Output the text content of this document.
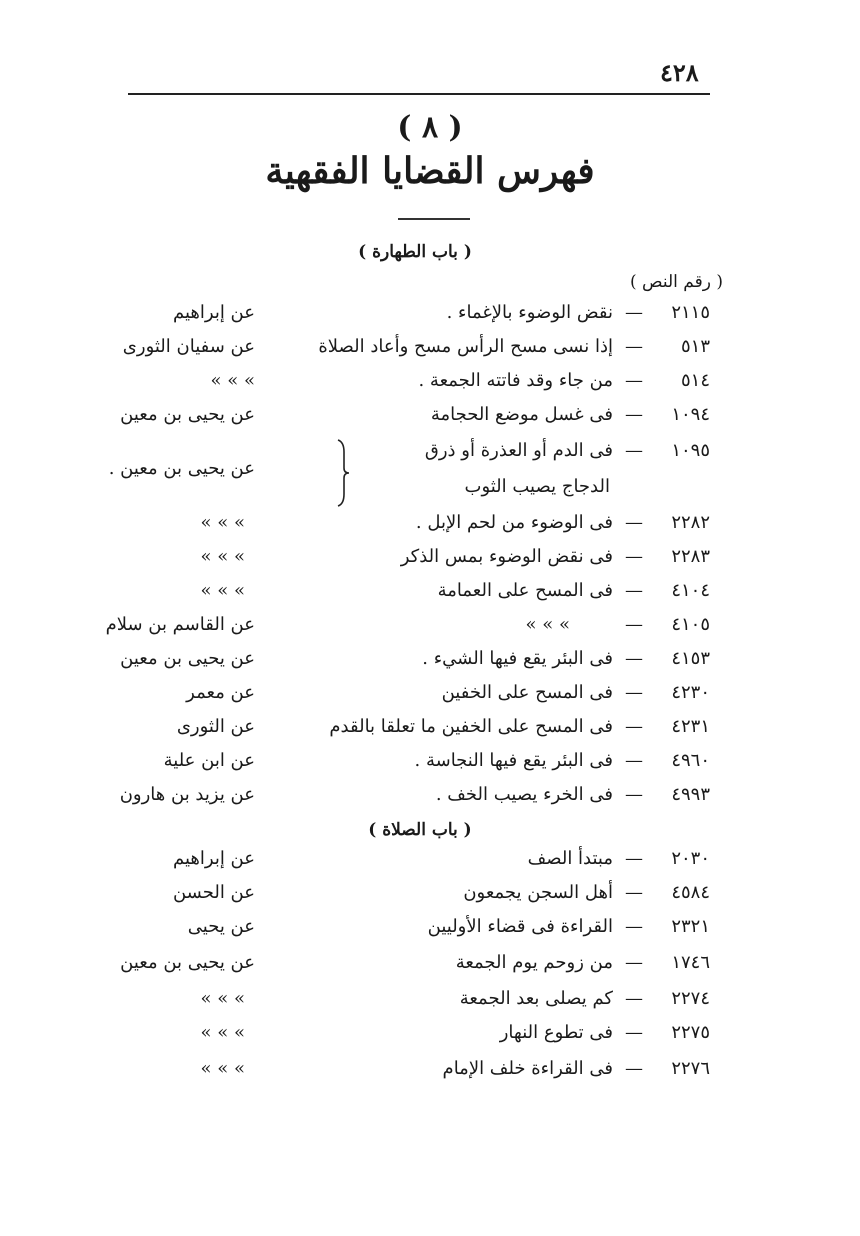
٤٢٨
( ٨ )
فهرس القضايا الفقهية
( باب الطهارة )
( رقم النص )
٢١١٥
—
نقض الوضوء بالإغماء .
عن إبراهيم
٥١٣
—
إذا نسى مسح الرأس مسح وأعاد الصلاة
عن سفيان الثورى
٥١٤
—
من جاء وقد فاتته الجمعة .
» » »
١٠٩٤
—
فى غسل موضع الحجامة
عن يحيى بن معين
١٠٩٥
—
فى الدم أو العذرة أو ذرق
الدجاج يصيب الثوب
عن يحيى بن معين .
٢٢٨٢
—
فى الوضوء من لحم الإبل .
» » »
٢٢٨٣
—
فى نقض الوضوء بمس الذكر
» » »
٤١٠٤
—
فى المسح على العمامة
» » »
٤١٠٥
—
» » »
عن القاسم بن سلام
٤١٥٣
—
فى البئر يقع فيها الشيء .
عن يحيى بن معين
٤٢٣٠
—
فى المسح على الخفين
عن معمر
٤٢٣١
—
فى المسح على الخفين ما تعلقا بالقدم
عن الثورى
٤٩٦٠
—
فى البئر يقع فيها النجاسة .
عن ابن علية
٤٩٩٣
—
فى الخرء يصيب الخف .
عن يزيد بن هارون
( باب الصلاة )
٢٠٣٠
—
مبتدأ الصف
عن إبراهيم
٤٥٨٤
—
أهل السجن يجمعون
عن الحسن
٢٣٢١
—
القراءة فى قضاء الأوليين
عن يحيى
١٧٤٦
—
من زوحم يوم الجمعة
عن يحيى بن معين
٢٢٧٤
—
كم يصلى بعد الجمعة
» » »
٢٢٧٥
—
فى تطوع النهار
» » »
٢٢٧٦
—
فى القراءة خلف الإمام
» » »
